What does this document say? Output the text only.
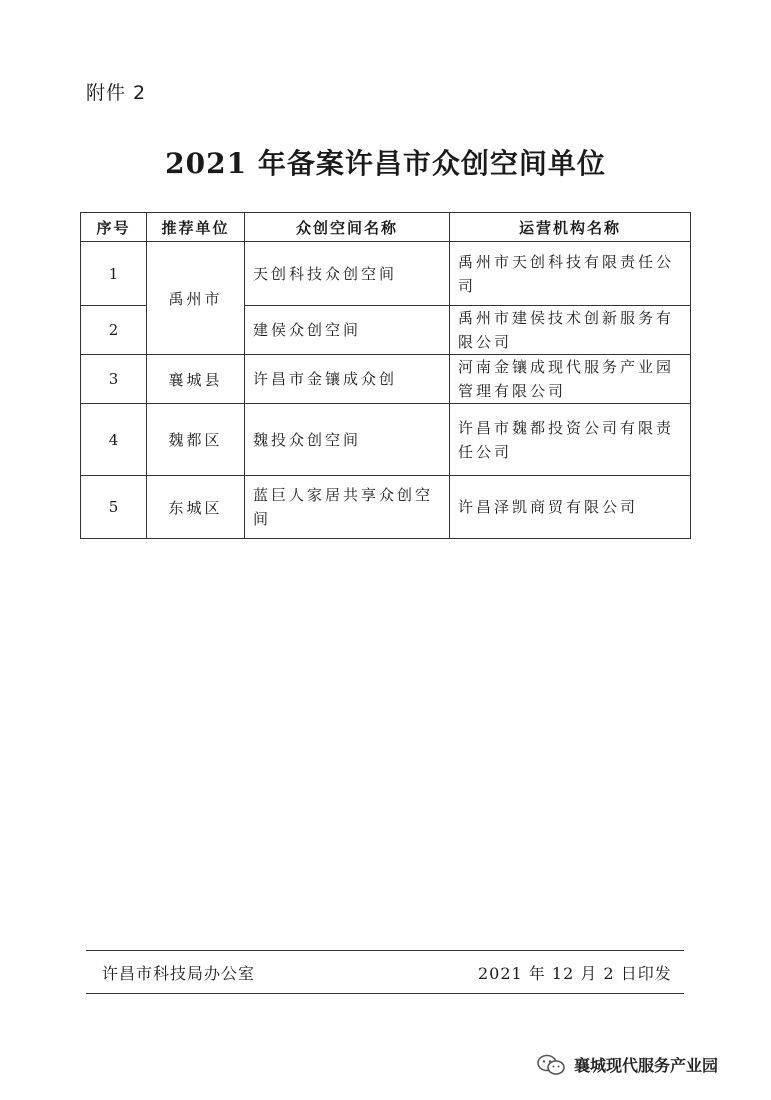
附件 2
2021 年备案许昌市众创空间单位
序号	推荐单位	众创空间名称	运营机构名称
1	禹州市	天创科技众创空间	禹州市天创科技有限责任公司
2		建侯众创空间	禹州市建侯技术创新服务有限公司
3	襄城县	许昌市金镶成众创	河南金镶成现代服务产业园管理有限公司
4	魏都区	魏投众创空间	许昌市魏都投资公司有限责任公司
5	东城区	蓝巨人家居共享众创空间	许昌泽凯商贸有限公司
许昌市科技局办公室	2021 年 12 月 2 日印发
襄城现代服务产业园
